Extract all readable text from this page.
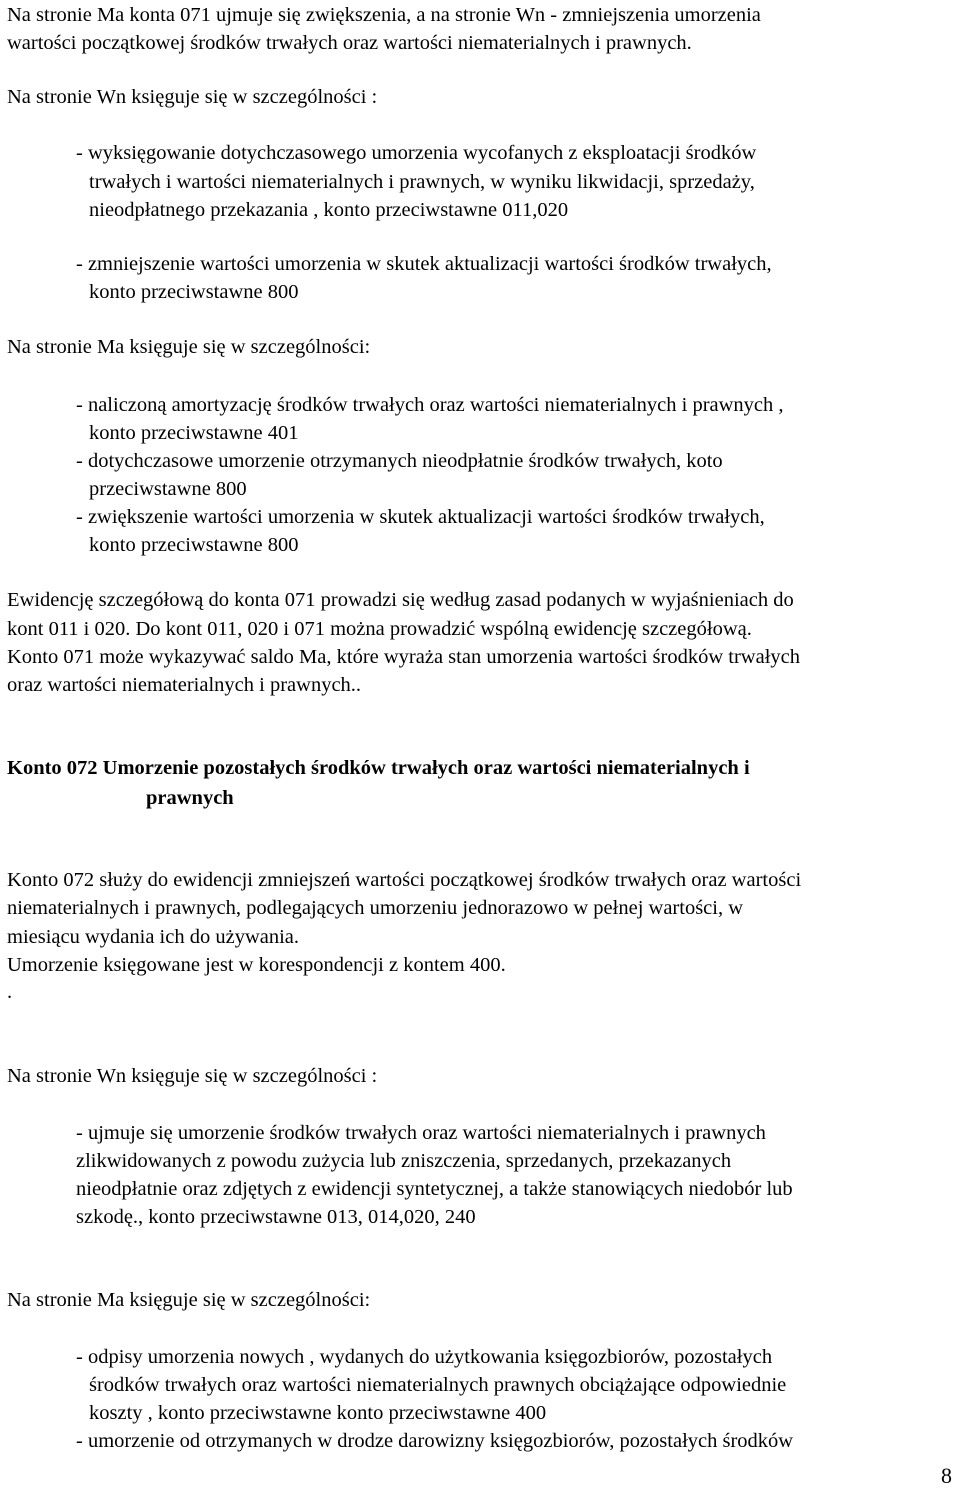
Na stronie Ma konta 071 ujmuje się zwiększenia, a na stronie Wn - zmniejszenia umorzenia
wartości początkowej środków trwałych oraz wartości niematerialnych i prawnych.
Na stronie Wn księguje się w szczególności :
- wyksięgowanie dotychczasowego umorzenia wycofanych z eksploatacji środków
trwałych i wartości niematerialnych i prawnych, w wyniku likwidacji, sprzedaży,
nieodpłatnego przekazania , konto przeciwstawne 011,020
- zmniejszenie wartości umorzenia w skutek aktualizacji wartości środków trwałych,
konto przeciwstawne 800
Na stronie Ma księguje się w szczególności:
- naliczoną amortyzację środków trwałych oraz wartości niematerialnych i prawnych ,
konto przeciwstawne 401
- dotychczasowe umorzenie otrzymanych nieodpłatnie środków trwałych, koto
przeciwstawne 800
- zwiększenie wartości umorzenia w skutek aktualizacji wartości środków trwałych,
konto przeciwstawne 800
Ewidencję szczegółową do konta 071 prowadzi się według zasad podanych w wyjaśnieniach do
kont 011 i 020. Do kont 011, 020 i 071 można prowadzić wspólną ewidencję szczegółową.
Konto 071 może wykazywać saldo Ma, które wyraża stan umorzenia wartości środków trwałych
oraz wartości niematerialnych i prawnych..
Konto 072 Umorzenie pozostałych środków trwałych oraz wartości niematerialnych i
prawnych
Konto 072 służy do ewidencji zmniejszeń wartości początkowej środków trwałych oraz wartości
niematerialnych i prawnych, podlegających umorzeniu jednorazowo w pełnej wartości, w
miesiącu wydania ich do używania.
Umorzenie księgowane jest w korespondencji z kontem 400.
.
Na stronie Wn księguje się w szczególności :
- ujmuje się umorzenie środków trwałych oraz wartości niematerialnych i prawnych
zlikwidowanych z powodu zużycia lub zniszczenia, sprzedanych, przekazanych
nieodpłatnie oraz zdjętych z ewidencji syntetycznej, a także stanowiących niedobór lub
szkodę., konto przeciwstawne 013, 014,020, 240
Na stronie Ma księguje się w szczególności:
- odpisy umorzenia nowych , wydanych do użytkowania księgozbiorów, pozostałych
środków trwałych oraz wartości niematerialnych prawnych obciążające odpowiednie
koszty , konto przeciwstawne konto przeciwstawne 400
- umorzenie od otrzymanych w drodze darowizny księgozbiorów, pozostałych środków
8
